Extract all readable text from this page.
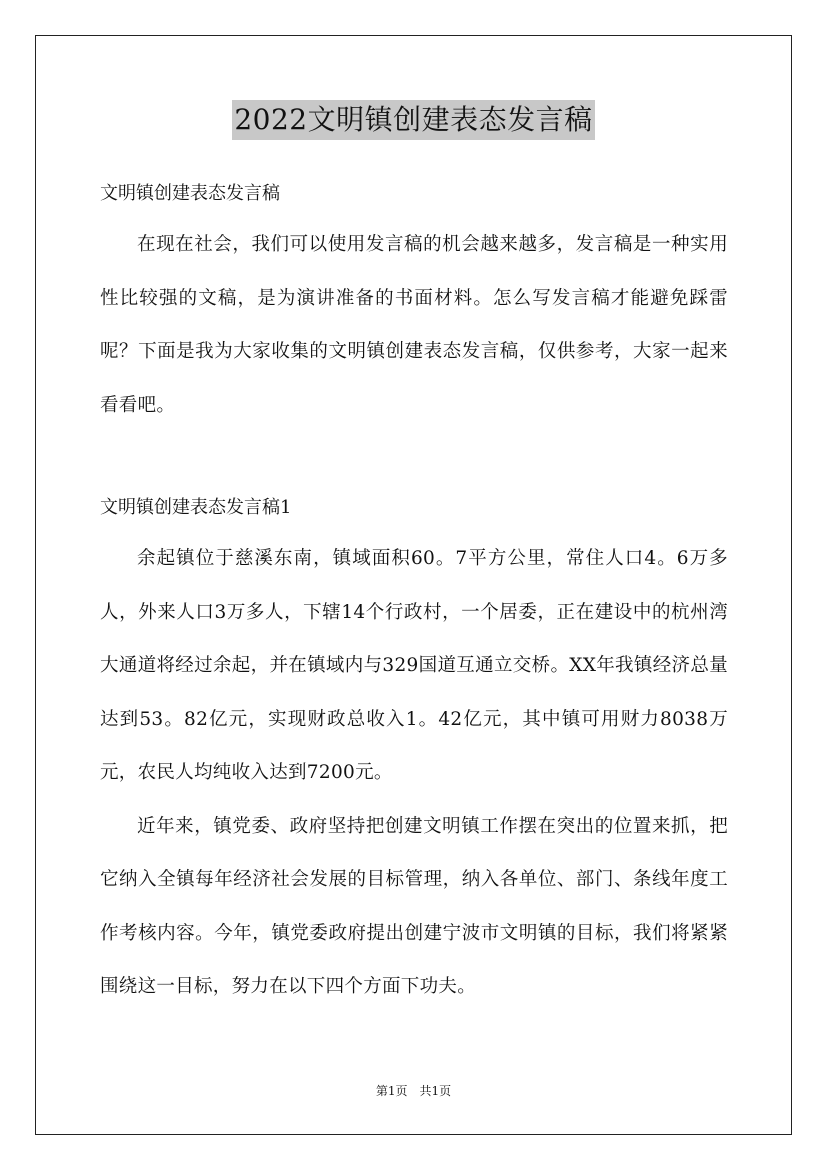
2022文明镇创建表态发言稿

文明镇创建表态发言稿

在现在社会，我们可以使用发言稿的机会越来越多，发言稿是一种实用性比较强的文稿，是为演讲准备的书面材料。怎么写发言稿才能避免踩雷呢？下面是我为大家收集的文明镇创建表态发言稿，仅供参考，大家一起来看看吧。

文明镇创建表态发言稿1

余起镇位于慈溪东南，镇域面积60。7平方公里，常住人口4。6万多人，外来人口3万多人，下辖14个行政村，一个居委，正在建设中的杭州湾大通道将经过余起，并在镇域内与329国道互通立交桥。XX年我镇经济总量达到53。82亿元，实现财政总收入1。42亿元，其中镇可用财力8038万元，农民人均纯收入达到7200元。

近年来，镇党委、政府坚持把创建文明镇工作摆在突出的位置来抓，把它纳入全镇每年经济社会发展的目标管理，纳入各单位、部门、条线年度工作考核内容。今年，镇党委政府提出创建宁波市文明镇的目标，我们将紧紧围绕这一目标，努力在以下四个方面下功夫。

第1页 共1页
